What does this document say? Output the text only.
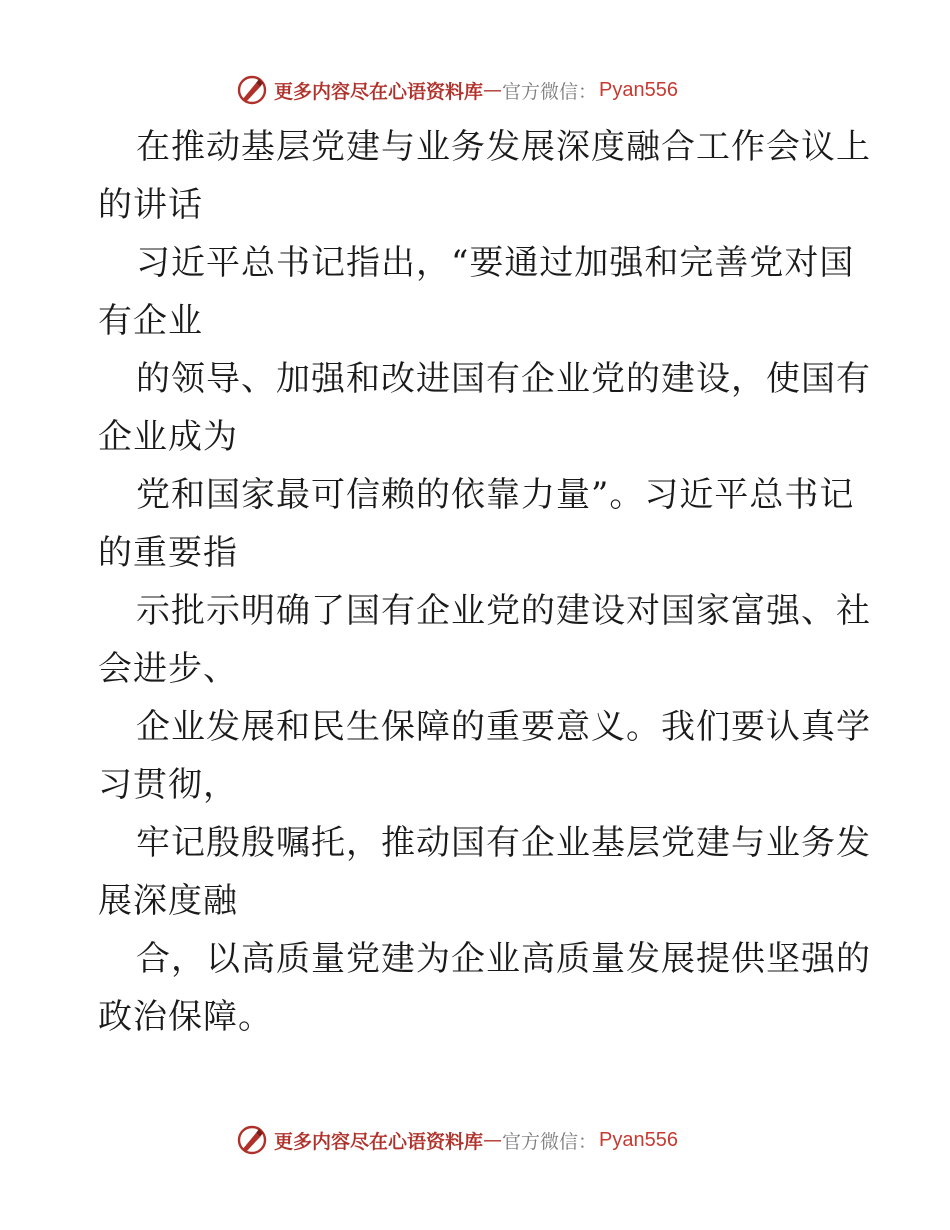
更多内容尽在心语资料库 — 官方微信： Pyan556
在推动基层党建与业务发展深度融合工作会议上
的讲话
习近平总书记指出，“要通过加强和完善党对国
有企业
的领导、加强和改进国有企业党的建设，使国有
企业成为
党和国家最可信赖的依靠力量”。习近平总书记
的重要指
示批示明确了国有企业党的建设对国家富强、社
会进步、
企业发展和民生保障的重要意义。我们要认真学
习贯彻，
牢记殷殷嘱托，推动国有企业基层党建与业务发
展深度融
合，以高质量党建为企业高质量发展提供坚强的
政治保障。
更多内容尽在心语资料库 — 官方微信： Pyan556
